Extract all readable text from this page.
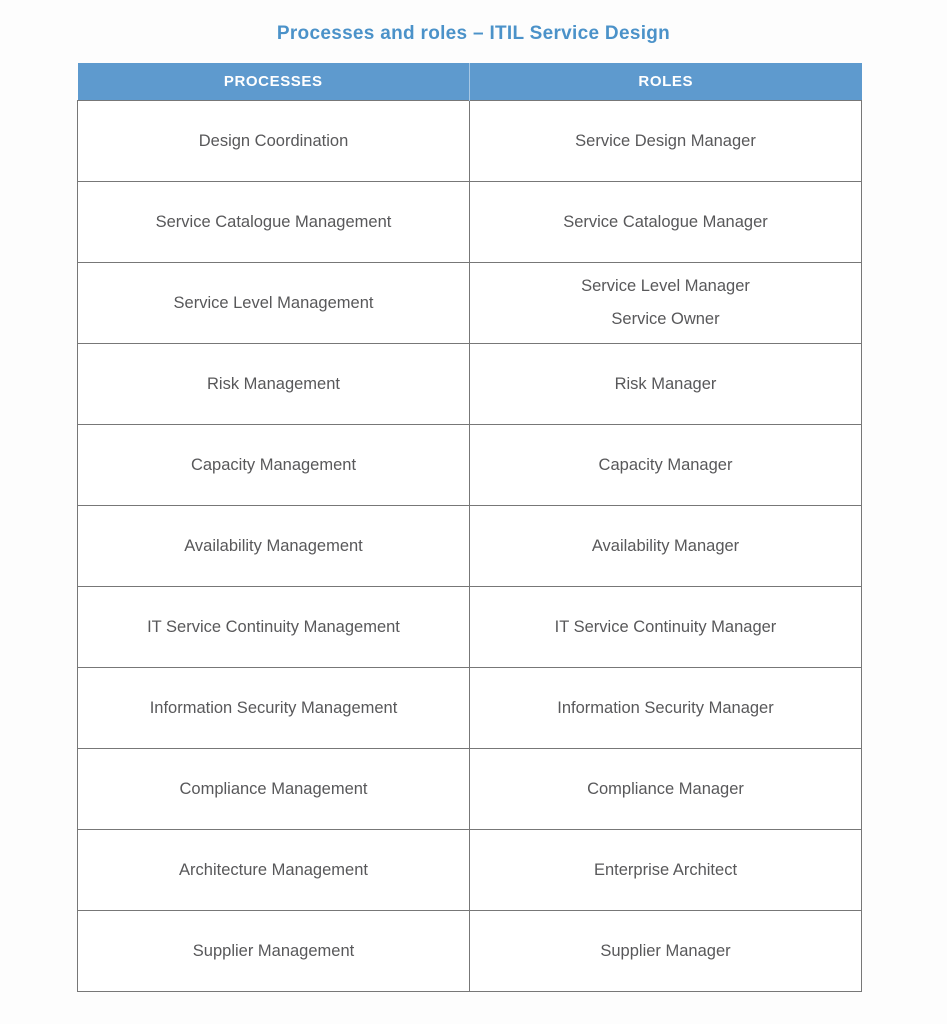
Processes and roles – ITIL Service Design
PROCESSES	ROLES

Design Coordination	Service Design Manager

Service Catalogue Management	Service Catalogue Manager

Service Level Management	Service Level Manager
Service Owner

Risk Management	Risk Manager

Capacity Management	Capacity Manager

Availability Management	Availability Manager

IT Service Continuity Management	IT Service Continuity Manager

Information Security Management	Information Security Manager

Compliance Management	Compliance Manager

Architecture Management	Enterprise Architect

Supplier Management	Supplier Manager
